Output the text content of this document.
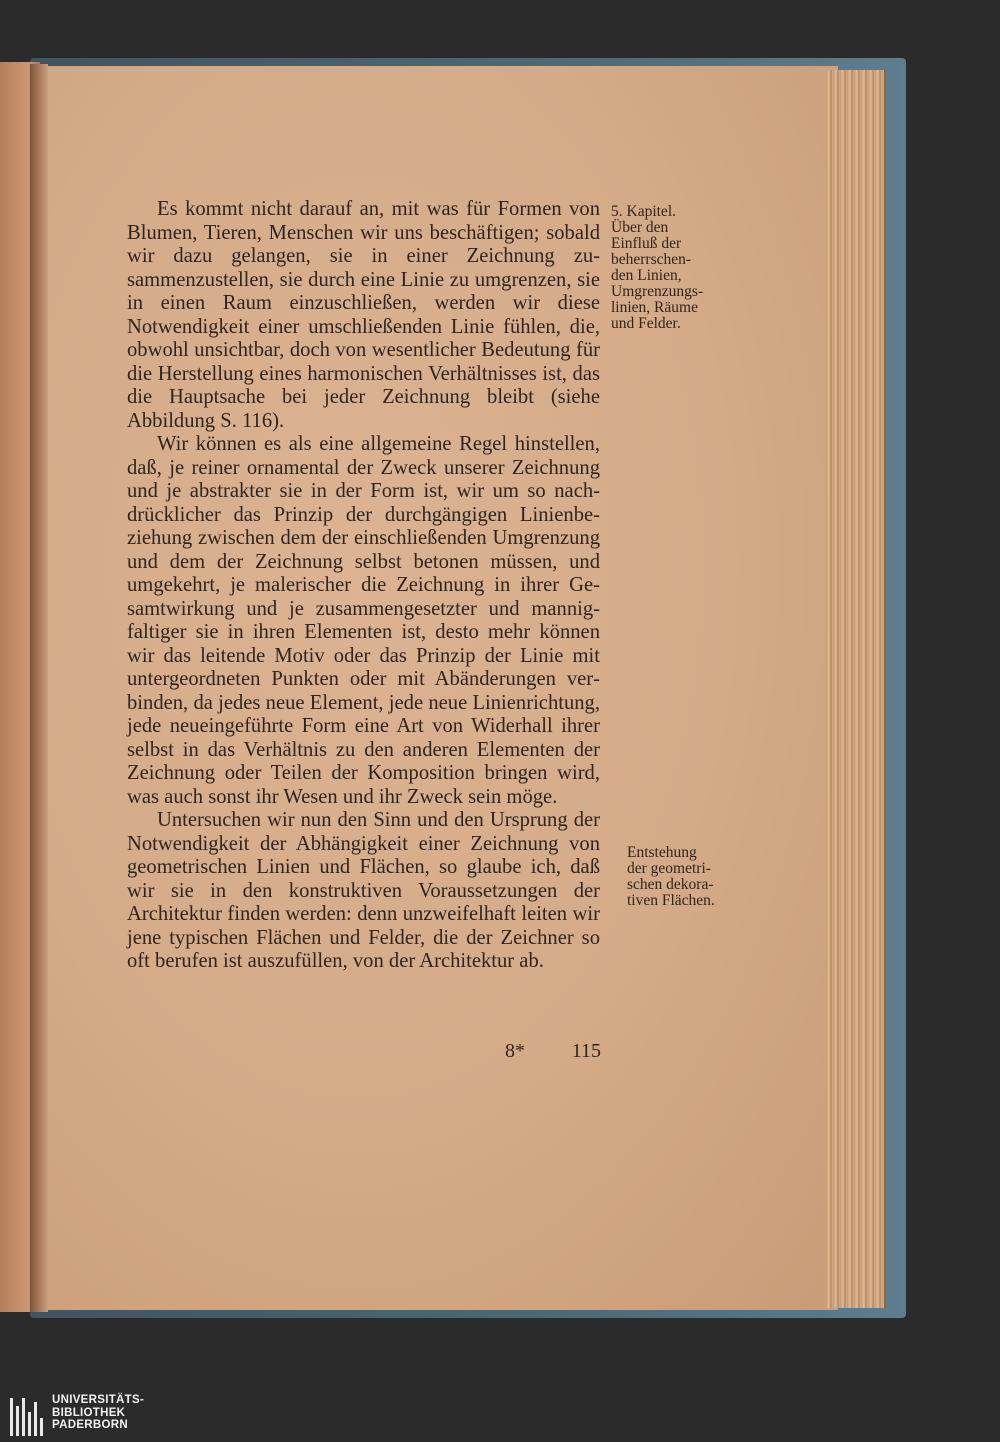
Es kommt nicht darauf an, mit was für Formen von Blumen, Tieren, Menschen wir uns beschäftigen; sobald wir dazu gelangen, sie in einer Zeichnung zusammenzustellen, sie durch eine Linie zu umgrenzen, sie in einen Raum einzuschließen, werden wir diese Notwendigkeit einer umschließenden Linie fühlen, die, obwohl unsichtbar, doch von wesentlicher Bedeutung für die Herstellung eines harmonischen Verhältnisses ist, das die Hauptsache bei jeder Zeichnung bleibt (siehe Abbildung S. 116).

Wir können es als eine allgemeine Regel hinstellen, daß, je reiner ornamental der Zweck unserer Zeichnung und je abstrakter sie in der Form ist, wir um so nachdrücklicher das Prinzip der durchgängigen Linienbeziehung zwischen dem der einschließenden Umgrenzung und dem der Zeichnung selbst betonen müssen, und umgekehrt, je malerischer die Zeichnung in ihrer Gesamtwirkung und je zusammengesetzter und mannigfaltiger sie in ihren Elementen ist, desto mehr können wir das leitende Motiv oder das Prinzip der Linie mit untergeordneten Punkten oder mit Abänderungen verbinden, da jedes neue Element, jede neue Linienrichtung, jede neueingeführte Form eine Art von Widerhall ihrer selbst in das Verhältnis zu den anderen Elementen der Zeichnung oder Teilen der Komposition bringen wird, was auch sonst ihr Wesen und ihr Zweck sein möge.

Untersuchen wir nun den Sinn und den Ursprung der Notwendigkeit der Abhängigkeit einer Zeichnung von geometrischen Linien und Flächen, so glaube ich, daß wir sie in den konstruktiven Voraussetzungen der Architektur finden werden: denn unzweifelhaft leiten wir jene typischen Flächen und Felder, die der Zeichner so oft berufen ist auszufüllen, von der Architektur ab.

5. Kapitel.
Über den
Einfluß der
beherrschen-
den Linien,
Umgrenzungs-
linien, Räume
und Felder.
Entstehung
der geometri-
schen dekora-
tiven Flächen.
8* 115
UNIVERSITÄTS-
BIBLIOTHEK
PADERBORN
